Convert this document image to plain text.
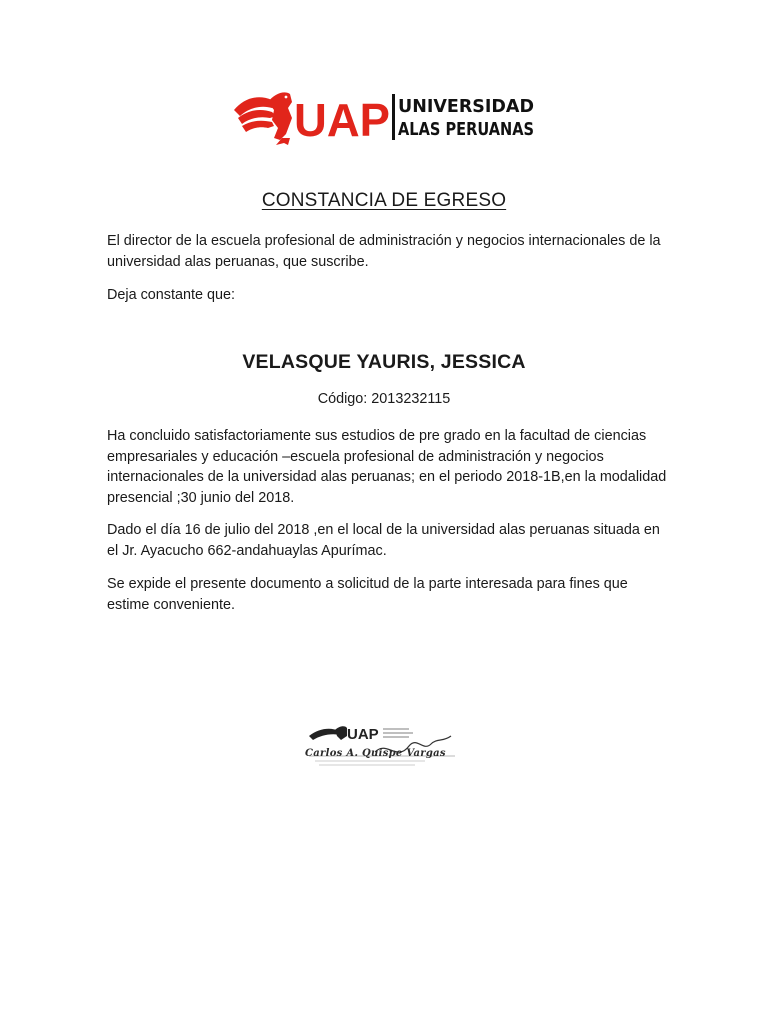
UAP UNIVERSIDAD
ALAS PERUANAS
CONSTANCIA DE EGRESO

El director de la escuela profesional de administración y negocios internacionales de la universidad alas peruanas, que suscribe.

Deja constante que:

VELASQUE YAURIS, JESSICA

Código: 2013232115

Ha concluido satisfactoriamente sus estudios de pre grado en la facultad de ciencias empresariales y educación –escuela profesional de administración y negocios internacionales de la universidad alas peruanas; en el periodo 2018-1B,en la modalidad presencial ;30 junio del 2018.

Dado el día 16 de julio del 2018 ,en el local de la universidad alas peruanas situada en el Jr. Ayacucho 662-andahuaylas Apurímac.

Se expide el presente documento a solicitud de la parte interesada para fines que estime conveniente.

UAP
Carlos A. Quispe Vargas
